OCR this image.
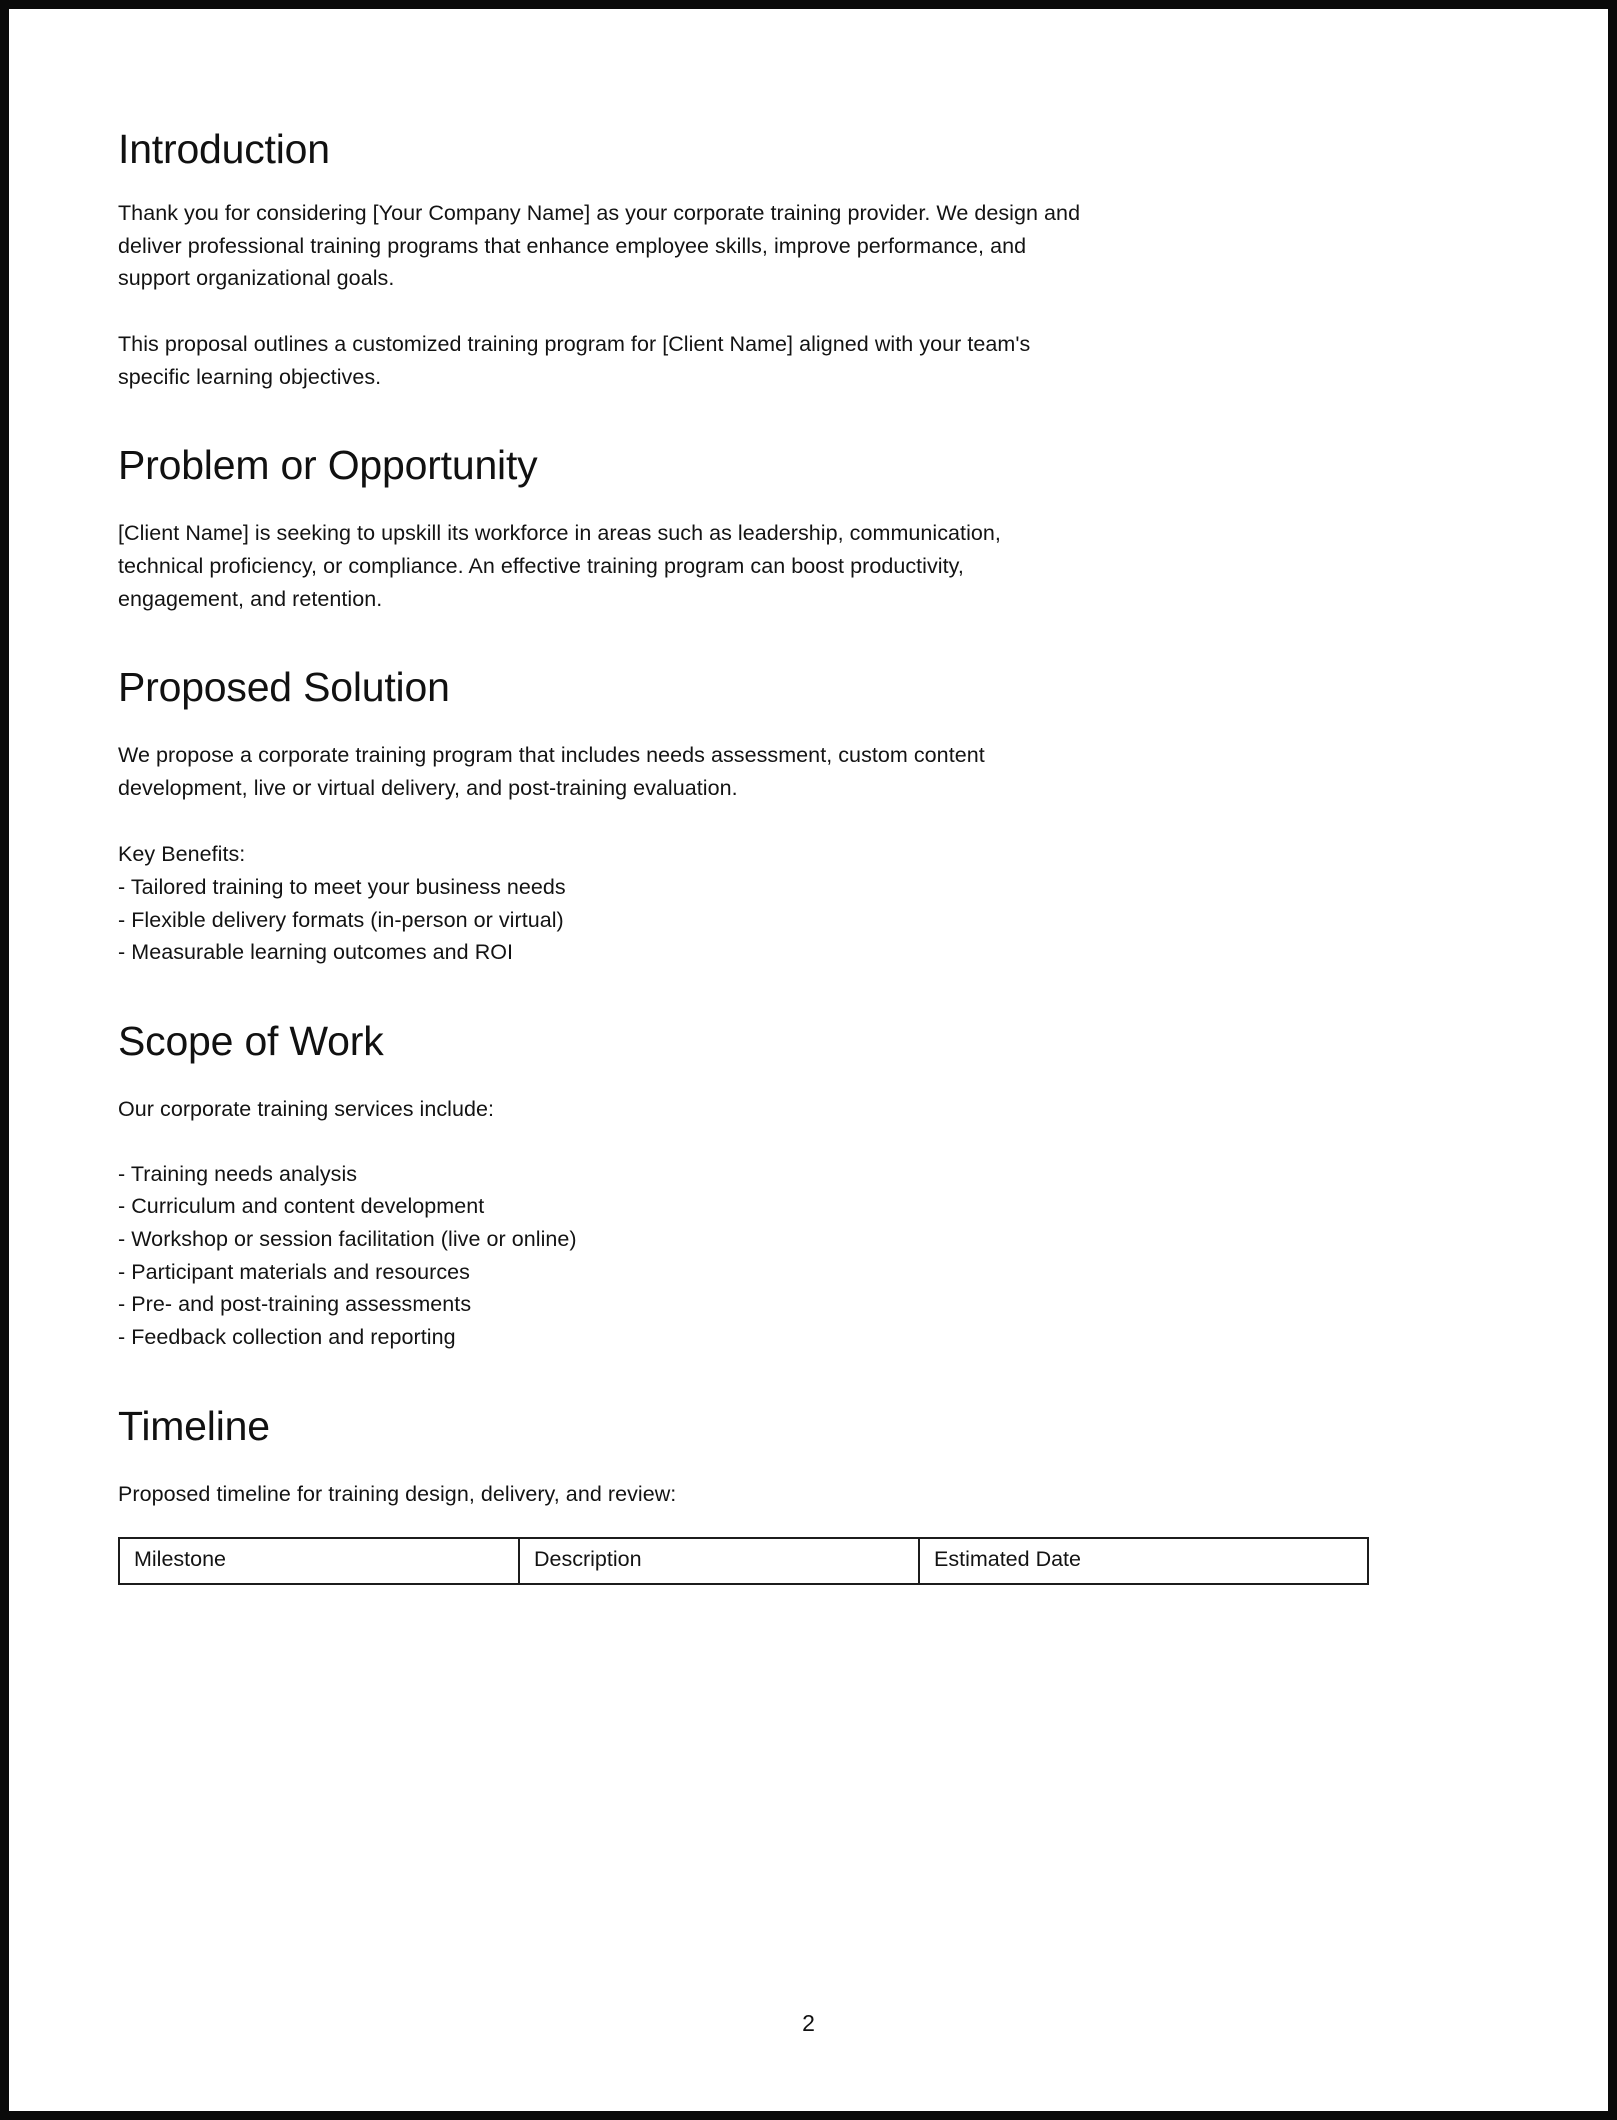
Introduction

Thank you for considering [Your Company Name] as your corporate training provider. We design and deliver professional training programs that enhance employee skills, improve performance, and support organizational goals.

This proposal outlines a customized training program for [Client Name] aligned with your team's specific learning objectives.

Problem or Opportunity

[Client Name] is seeking to upskill its workforce in areas such as leadership, communication, technical proficiency, or compliance. An effective training program can boost productivity, engagement, and retention.

Proposed Solution

We propose a corporate training program that includes needs assessment, custom content development, live or virtual delivery, and post-training evaluation.

Key Benefits:
- Tailored training to meet your business needs
- Flexible delivery formats (in-person or virtual)
- Measurable learning outcomes and ROI
Scope of Work

Our corporate training services include:

- Training needs analysis
- Curriculum and content development
- Workshop or session facilitation (live or online)
- Participant materials and resources
- Pre- and post-training assessments
- Feedback collection and reporting
Timeline

Proposed timeline for training design, delivery, and review:

Milestone	Description	Estimated Date
2
